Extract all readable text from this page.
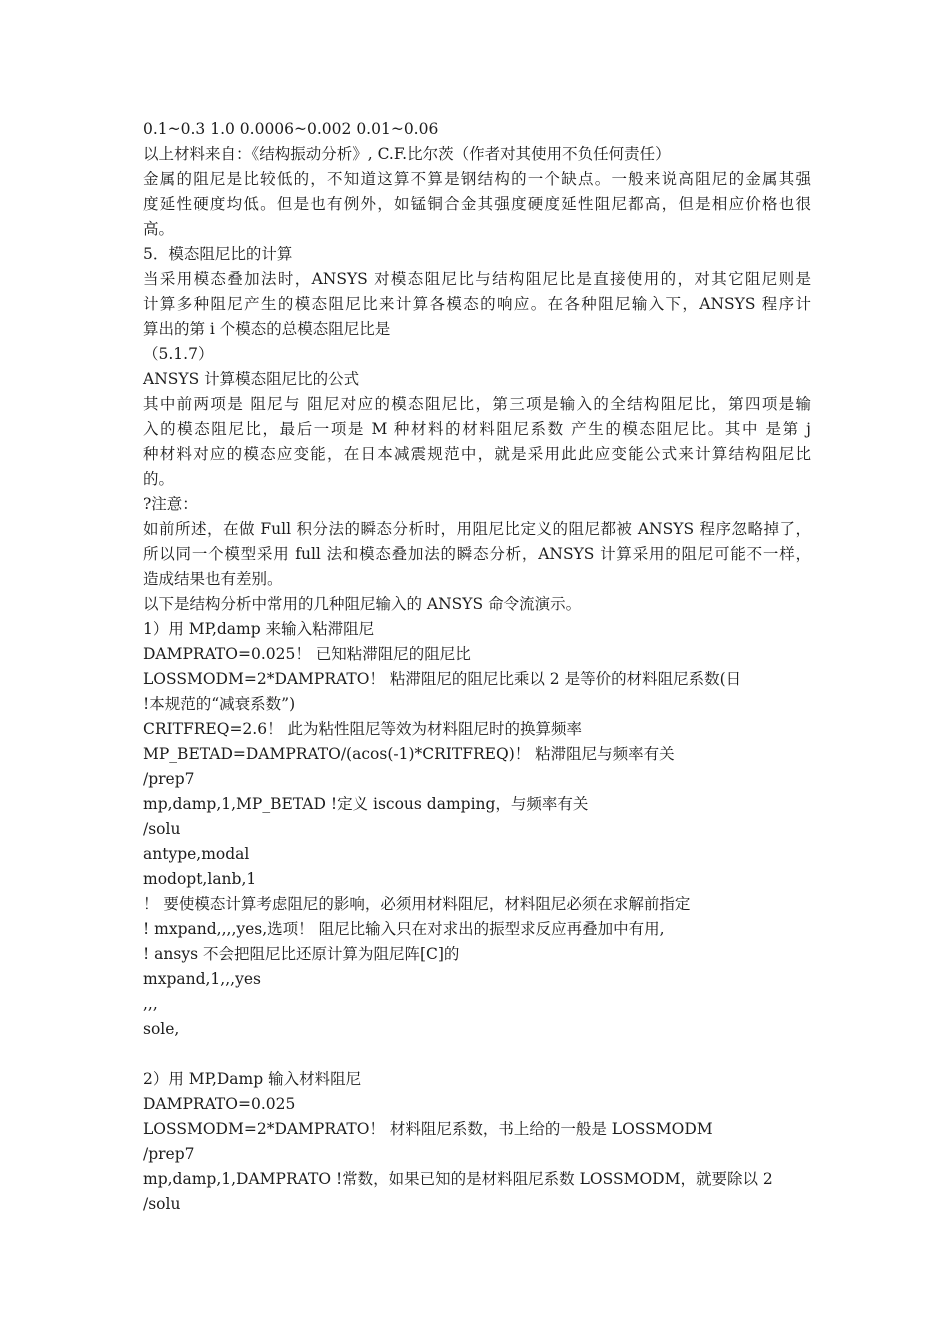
0.1~0.3 1.0 0.0006~0.002 0.01~0.06
以上材料来自：《结构振动分析》, C.F.比尔茨（作者对其使用不负任何责任）
金属的阻尼是比较低的，不知道这算不算是钢结构的一个缺点。一般来说高阻尼的金属其强
度延性硬度均低。但是也有例外，如锰铜合金其强度硬度延性阻尼都高，但是相应价格也很
高。
5．模态阻尼比的计算
当采用模态叠加法时，ANSYS 对模态阻尼比与结构阻尼比是直接使用的，对其它阻尼则是
计算多种阻尼产生的模态阻尼比来计算各模态的响应。在各种阻尼输入下，ANSYS 程序计
算出的第 i 个模态的总模态阻尼比是
（5.1.7）
ANSYS 计算模态阻尼比的公式
其中前两项是 阻尼与 阻尼对应的模态阻尼比，第三项是输入的全结构阻尼比，第四项是输
入的模态阻尼比，最后一项是 M 种材料的材料阻尼系数 产生的模态阻尼比。其中 是第 j
种材料对应的模态应变能，在日本减震规范中，就是采用此此应变能公式来计算结构阻尼比
的。
?注意：
如前所述，在做 Full 积分法的瞬态分析时，用阻尼比定义的阻尼都被 ANSYS 程序忽略掉了，
所以同一个模型采用 full 法和模态叠加法的瞬态分析，ANSYS 计算采用的阻尼可能不一样，
造成结果也有差别。
以下是结构分析中常用的几种阻尼输入的 ANSYS 命令流演示。
1）用 MP,damp 来输入粘滞阻尼
DAMPRATO=0.025！ 已知粘滞阻尼的阻尼比
LOSSMODM=2*DAMPRATO！ 粘滞阻尼的阻尼比乘以 2 是等价的材料阻尼系数(日
!本规范的“减衰系数”)
CRITFREQ=2.6！ 此为粘性阻尼等效为材料阻尼时的换算频率
MP_BETAD=DAMPRATO/(acos(-1)*CRITFREQ)！ 粘滞阻尼与频率有关
/prep7
mp,damp,1,MP_BETAD !定义 iscous damping，与频率有关
/solu
antype,modal
modopt,lanb,1
！ 要使模态计算考虑阻尼的影响，必须用材料阻尼，材料阻尼必须在求解前指定
! mxpand,,,,yes,选项！ 阻尼比输入只在对求出的振型求反应再叠加中有用,
! ansys 不会把阻尼比还原计算为阻尼阵[C]的
mxpand,1,,,yes
,,,
sole,
2）用 MP,Damp 输入材料阻尼
DAMPRATO=0.025
LOSSMODM=2*DAMPRATO！ 材料阻尼系数，书上给的一般是 LOSSMODM
/prep7
mp,damp,1,DAMPRATO !常数，如果已知的是材料阻尼系数 LOSSMODM，就要除以 2
/solu
